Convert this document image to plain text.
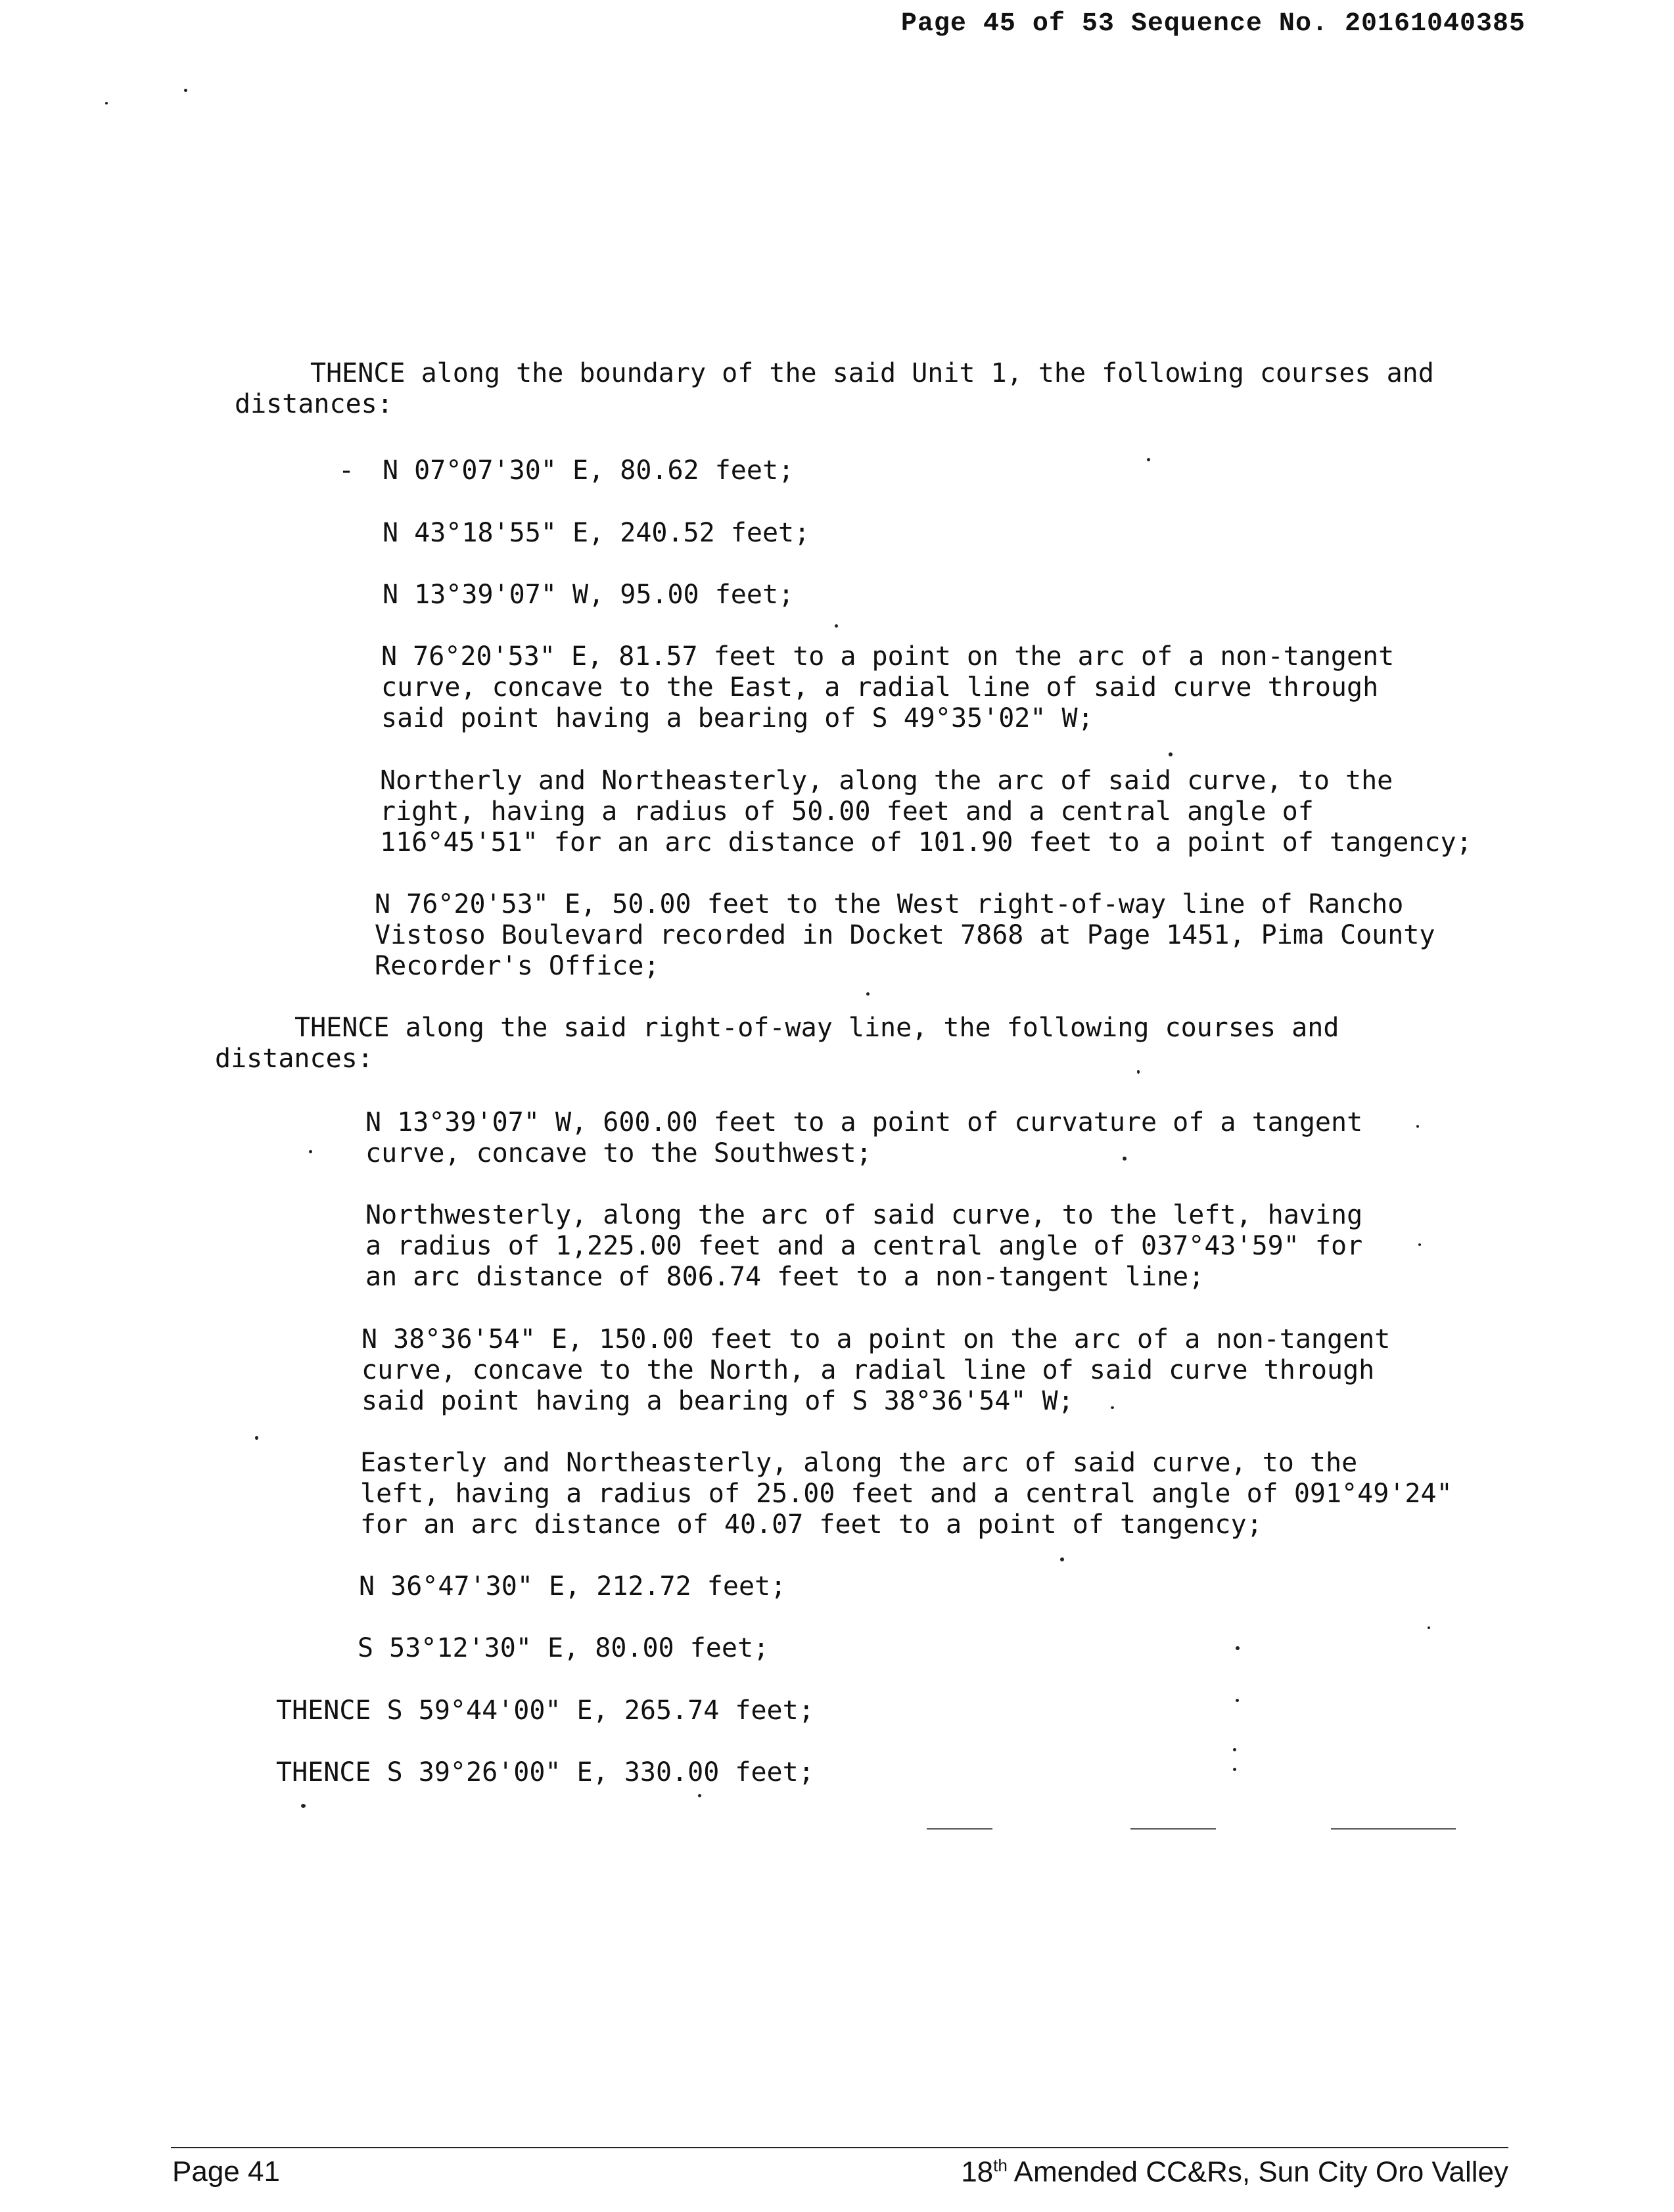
Page 45 of 53 Sequence No. 20161040385
THENCE along the boundary of the said Unit 1, the following courses and
distances:
- N 07°07'30" E, 80.62 feet;
N 43°18'55" E, 240.52 feet;
N 13°39'07" W, 95.00 feet;
N 76°20'53" E, 81.57 feet to a point on the arc of a non-tangent
curve, concave to the East, a radial line of said curve through
said point having a bearing of S 49°35'02" W;
Northerly and Northeasterly, along the arc of said curve, to the
right, having a radius of 50.00 feet and a central angle of
116°45'51" for an arc distance of 101.90 feet to a point of tangency;
N 76°20'53" E, 50.00 feet to the West right-of-way line of Rancho
Vistoso Boulevard recorded in Docket 7868 at Page 1451, Pima County
Recorder's Office;
THENCE along the said right-of-way line, the following courses and
distances:
N 13°39'07" W, 600.00 feet to a point of curvature of a tangent
curve, concave to the Southwest;
Northwesterly, along the arc of said curve, to the left, having
a radius of 1,225.00 feet and a central angle of 037°43'59" for
an arc distance of 806.74 feet to a non-tangent line;
N 38°36'54" E, 150.00 feet to a point on the arc of a non-tangent
curve, concave to the North, a radial line of said curve through
said point having a bearing of S 38°36'54" W;
Easterly and Northeasterly, along the arc of said curve, to the
left, having a radius of 25.00 feet and a central angle of 091°49'24"
for an arc distance of 40.07 feet to a point of tangency;
N 36°47'30" E, 212.72 feet;
S 53°12'30" E, 80.00 feet;
THENCE S 59°44'00" E, 265.74 feet;
THENCE S 39°26'00" E, 330.00 feet;
Page 41	18th Amended CC&Rs, Sun City Oro Valley
